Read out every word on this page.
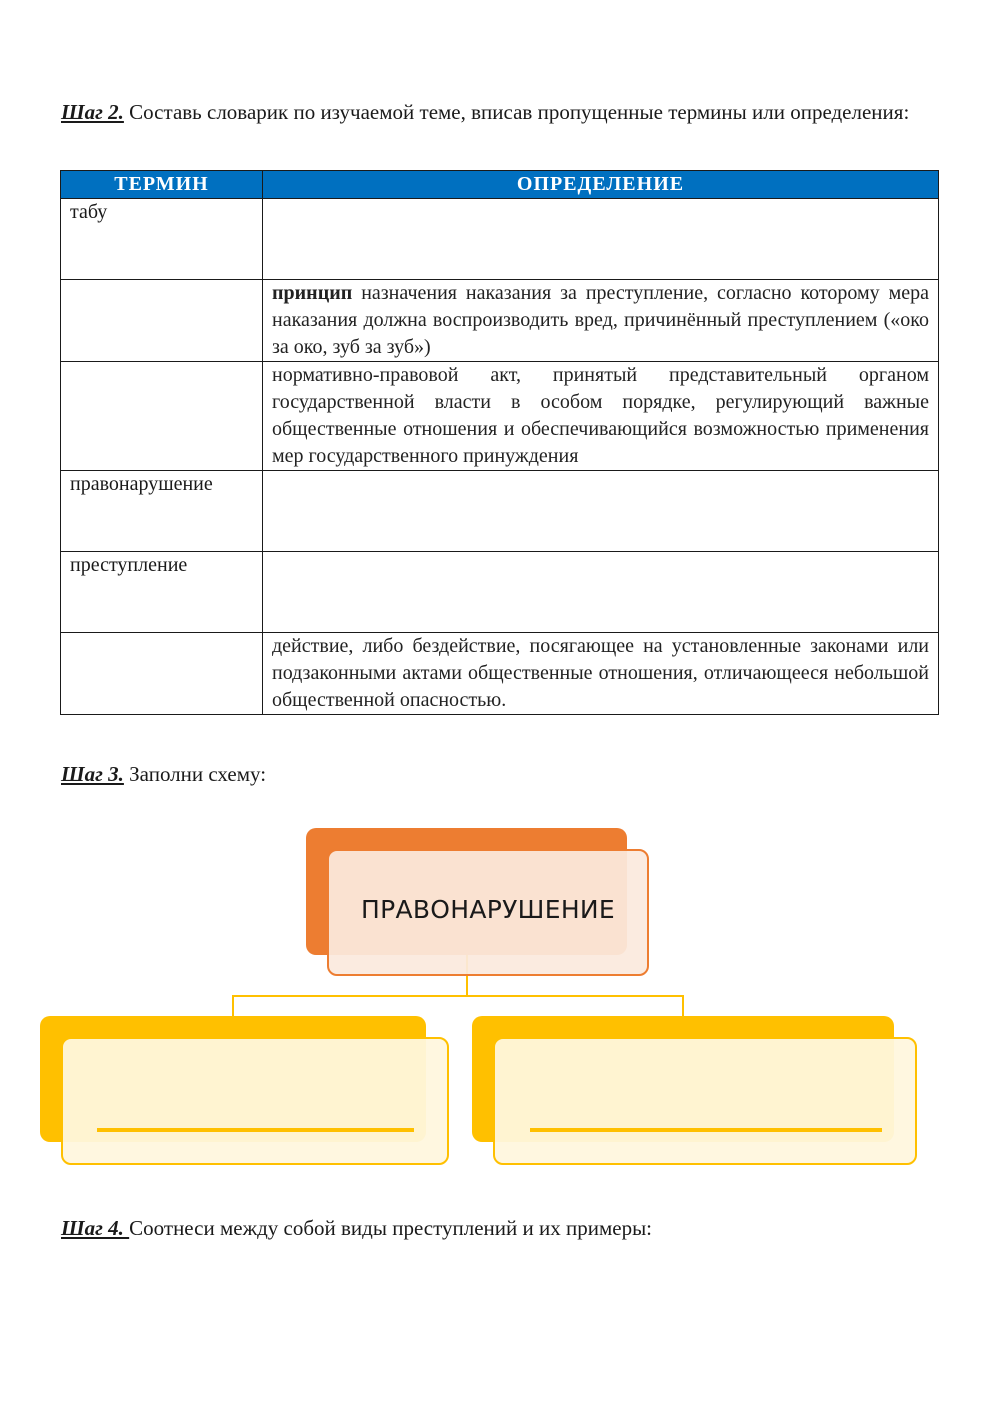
Шаг 2. Составь словарик по изучаемой теме, вписав пропущенные термины или определения:
ТЕРМИН	ОПРЕДЕЛЕНИЕ
табу	
	принцип назначения наказания за преступление, согласно которому мера наказания должна воспроизводить вред, причинённый преступлением («око за око, зуб за зуб»)
	нормативно-правовой акт, принятый представительный органом государственной власти в особом порядке, регулирующий важные общественные отношения и обеспечивающийся возможностью применения мер государственного принуждения
правонарушение	
преступление	
	действие, либо бездействие, посягающее на установленные законами или подзаконными актами общественные отношения, отличающееся небольшой общественной опасностью.
Шаг 3. Заполни схему:
ПРАВОНАРУШЕНИЕ
Шаг 4. Соотнеси между собой виды преступлений и их примеры:
